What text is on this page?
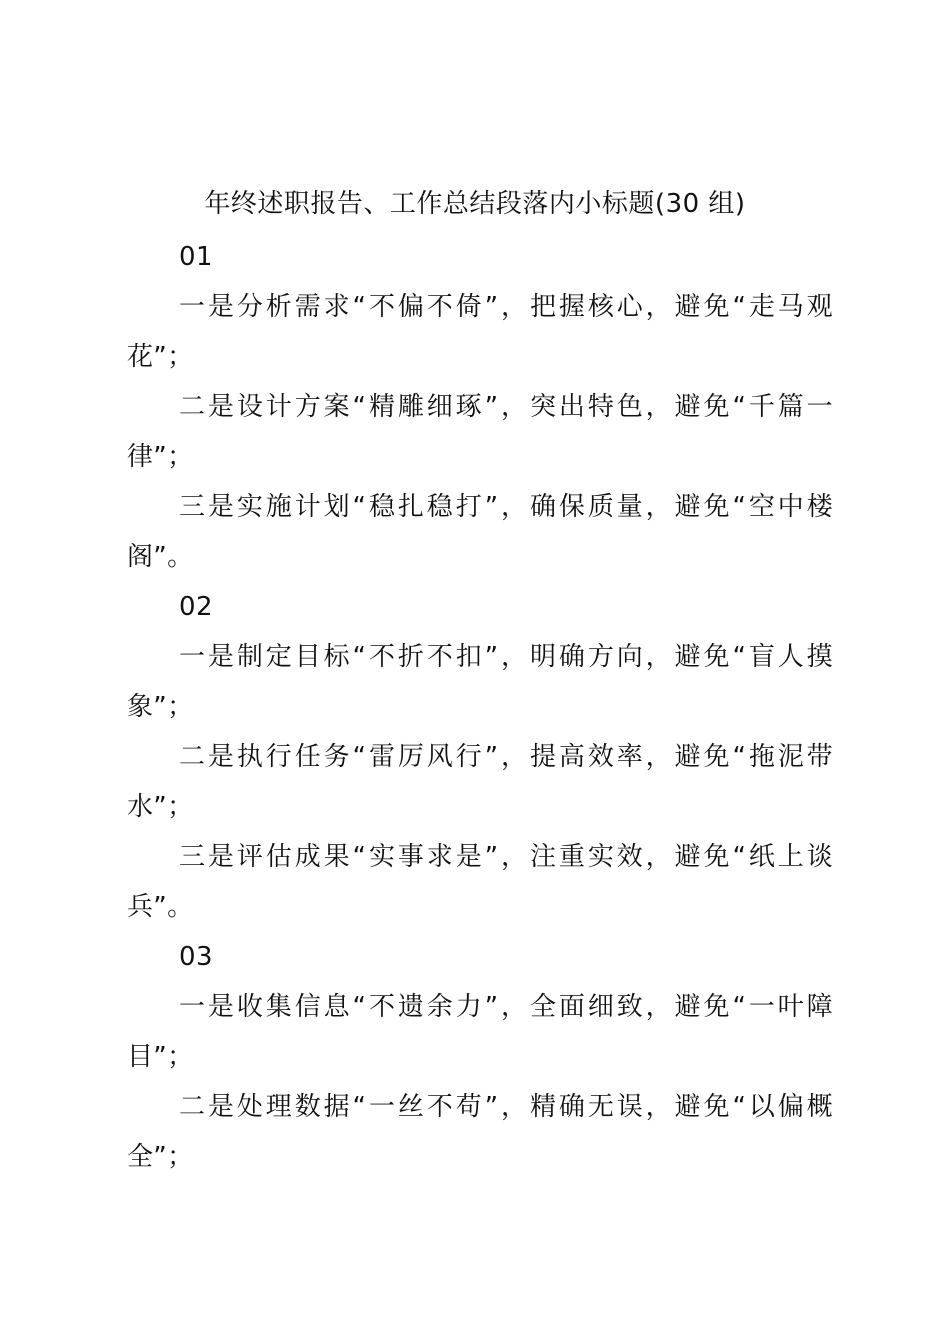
年终述职报告、工作总结段落内小标题(30 组)

01

一是分析需求“不偏不倚”，把握核心，避免“走马观花”；

二是设计方案“精雕细琢”，突出特色，避免“千篇一律”；

三是实施计划“稳扎稳打”，确保质量，避免“空中楼阁”。

02

一是制定目标“不折不扣”，明确方向，避免“盲人摸象”；

二是执行任务“雷厉风行”，提高效率，避免“拖泥带水”；

三是评估成果“实事求是”，注重实效，避免“纸上谈兵”。

03

一是收集信息“不遗余力”，全面细致，避免“一叶障目”；

二是处理数据“一丝不苟”，精确无误，避免“以偏概全”；
